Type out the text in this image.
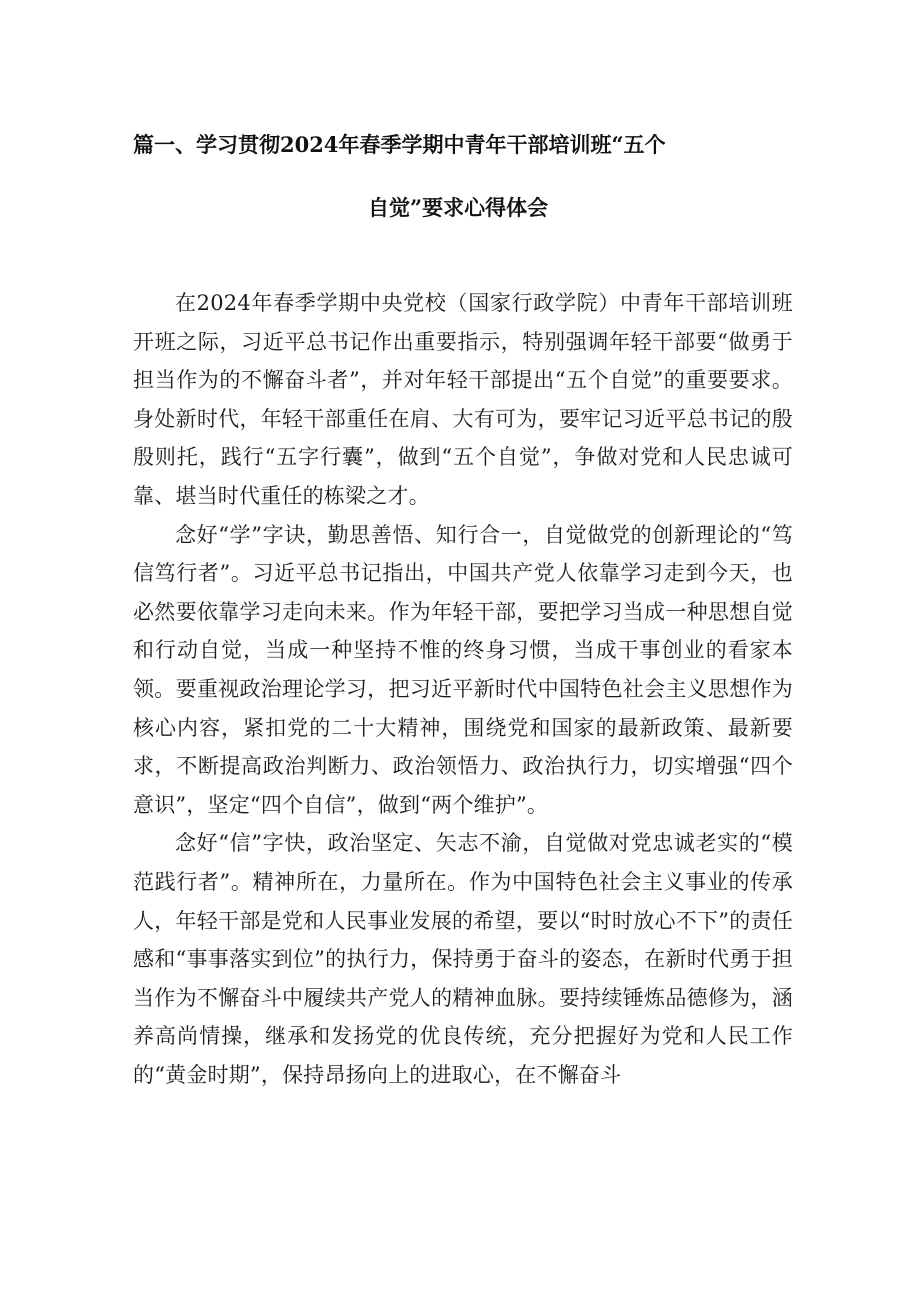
篇一、学习贯彻2024年春季学期中青年干部培训班“五个
自觉”要求心得体会

在2024年春季学期中央党校（国家行政学院）中青年干部培训班开班之际，习近平总书记作出重要指示，特别强调年轻干部要“做勇于担当作为的不懈奋斗者”，并对年轻干部提出“五个自觉”的重要要求。身处新时代，年轻干部重任在肩、大有可为，要牢记习近平总书记的殷殷则托，践行“五字行囊”，做到“五个自觉”，争做对党和人民忠诚可靠、堪当时代重任的栋梁之才。

念好“学”字诀，勤思善悟、知行合一，自觉做党的创新理论的“笃信笃行者”。习近平总书记指出，中国共产党人依靠学习走到今天，也必然要依靠学习走向未来。作为年轻干部，要把学习当成一种思想自觉和行动自觉，当成一种坚持不惟的终身习惯，当成干事创业的看家本领。要重视政治理论学习，把习近平新时代中国特色社会主义思想作为核心内容，紧扣党的二十大精神，围绕党和国家的最新政策、最新要求，不断提高政治判断力、政治领悟力、政治执行力，切实增强“四个意识”，坚定“四个自信”，做到“两个维护”。

念好“信”字快，政治坚定、矢志不渝，自觉做对党忠诚老实的“模范践行者”。精神所在，力量所在。作为中国特色社会主义事业的传承人，年轻干部是党和人民事业发展的希望，要以“时时放心不下”的责任感和“事事落实到位”的执行力，保持勇于奋斗的姿态，在新时代勇于担当作为不懈奋斗中履续共产党人的精神血脉。要持续锤炼品德修为，涵养高尚情操，继承和发扬党的优良传统，充分把握好为党和人民工作的“黄金时期”，保持昂扬向上的进取心，在不懈奋斗
